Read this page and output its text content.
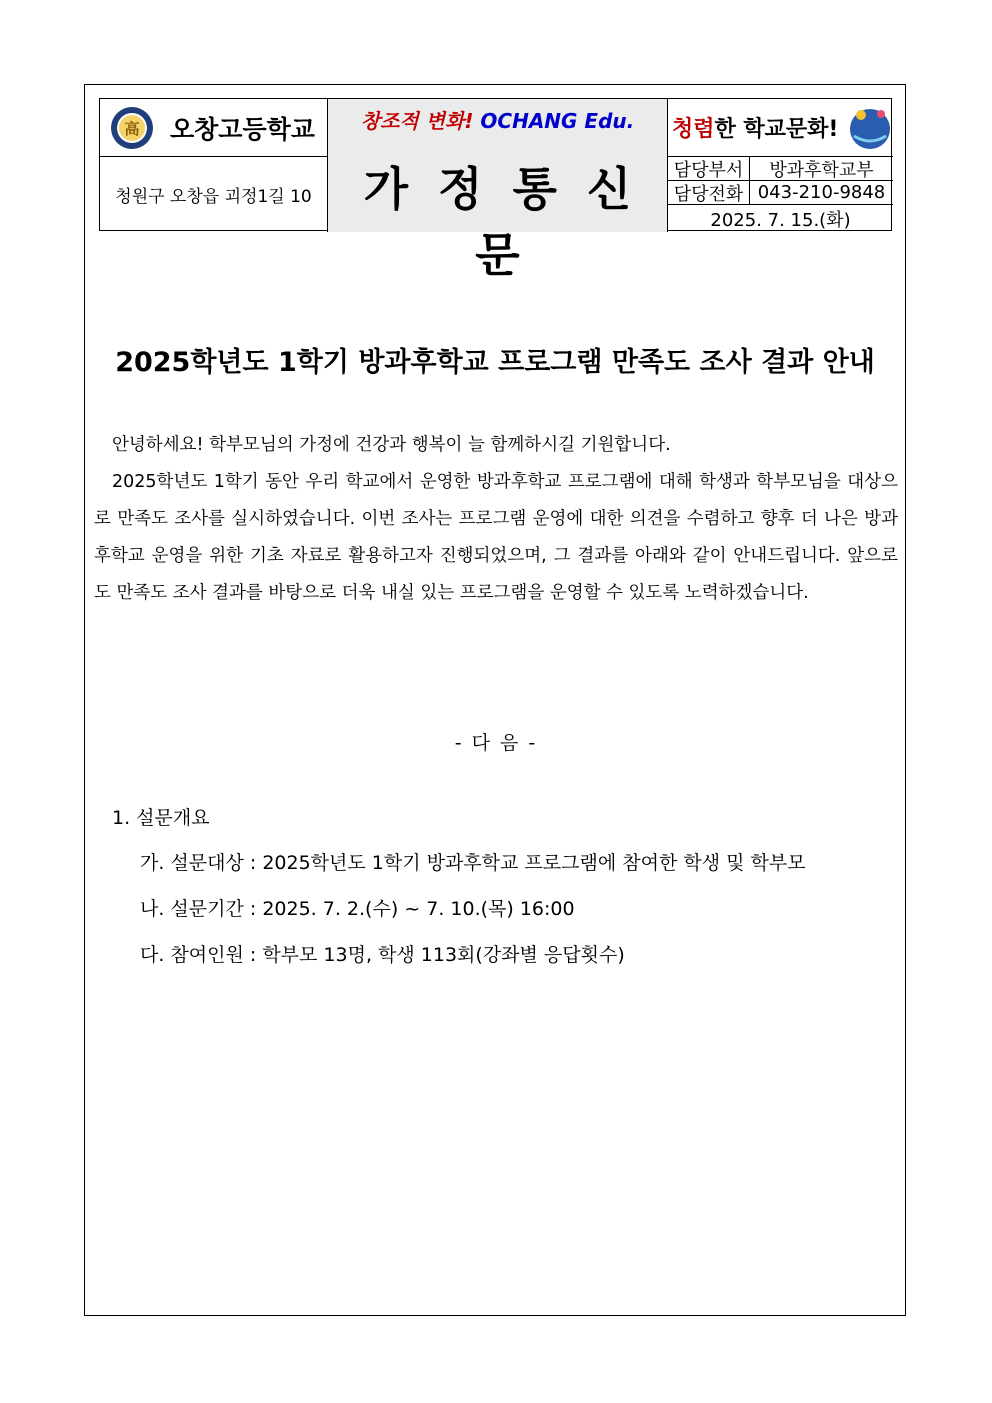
高 오창고등학교
청원구 오창읍 괴정1길 10
창조적 변화! OCHANG Edu.
가정통신문
청렴한 학교문화!
담당부서	방과후학교부
담당전화 043-210-9848
2025. 7. 15.(화)
2025학년도 1학기 방과후학교 프로그램 만족도 조사 결과 안내

안녕하세요! 학부모님의 가정에 건강과 행복이 늘 함께하시길 기원합니다.

2025학년도 1학기 동안 우리 학교에서 운영한 방과후학교 프로그램에 대해 학생과 학부모님을 대상으로 만족도 조사를 실시하였습니다. 이번 조사는 프로그램 운영에 대한 의견을 수렴하고 향후 더 나은 방과후학교 운영을 위한 기초 자료로 활용하고자 진행되었으며, 그 결과를 아래와 같이 안내드립니다. 앞으로도 만족도 조사 결과를 바탕으로 더욱 내실 있는 프로그램을 운영할 수 있도록 노력하겠습니다.

- 다 음 -
1. 설문개요
가. 설문대상 : 2025학년도 1학기 방과후학교 프로그램에 참여한 학생 및 학부모
나. 설문기간 : 2025. 7. 2.(수) ~ 7. 10.(목) 16:00
다. 참여인원 : 학부모 13명, 학생 113회(강좌별 응답횟수)
